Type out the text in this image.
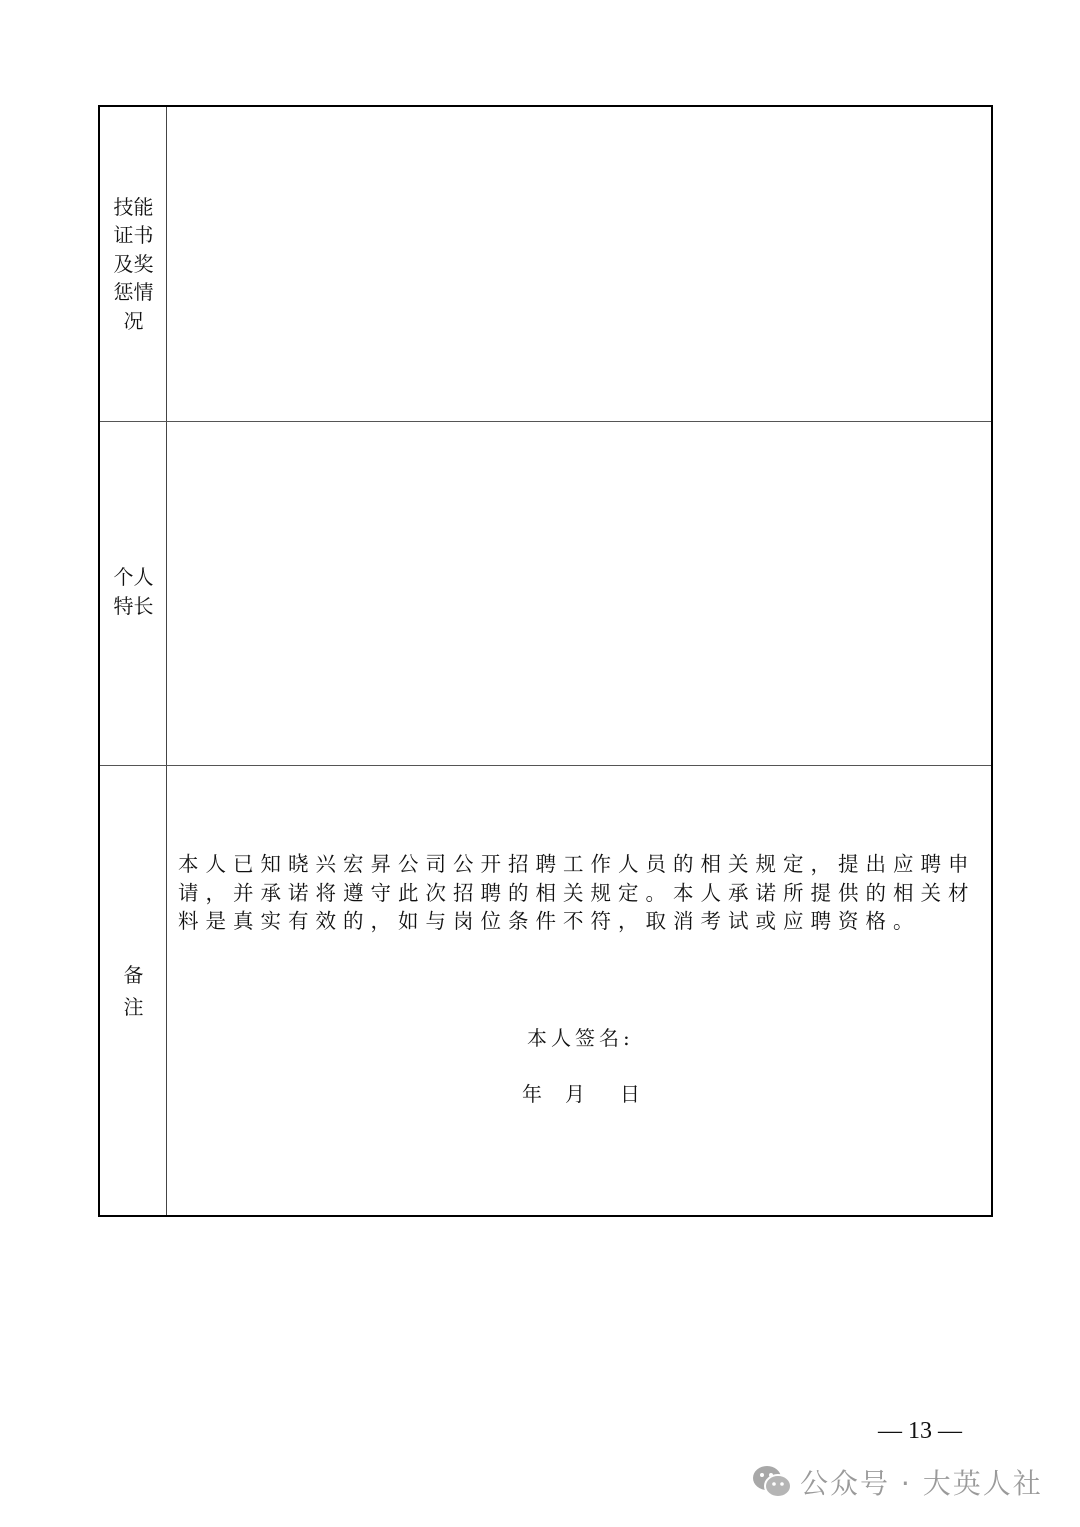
技能证书及奖惩情况
个人特长
备注
本人已知晓兴宏昇公司公开招聘工作人员的相关规定，提出应聘申请，并承诺将遵守此次招聘的相关规定。本人承诺所提供的相关材料是真实有效的，如与岗位条件不符，取消考试或应聘资格。
本人签名:
年 月 日
— 13 —
公众号 · 大英人社
